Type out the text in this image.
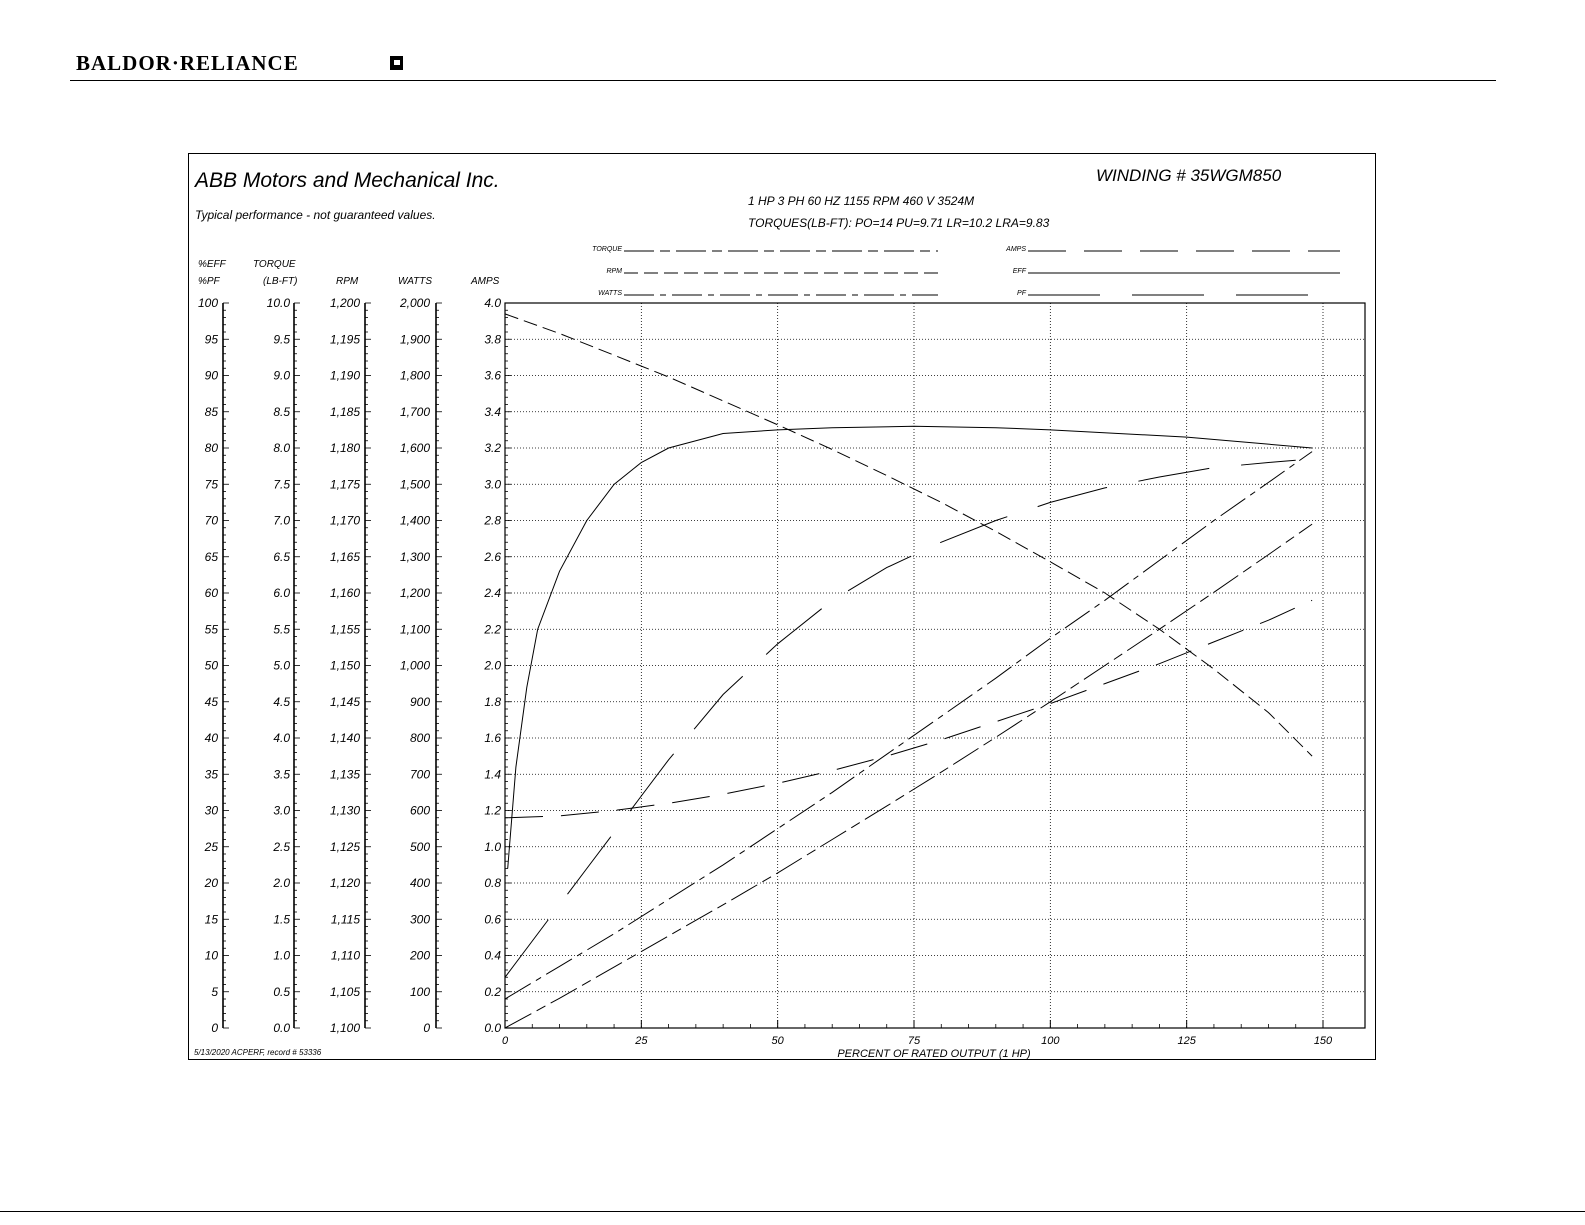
BALDOR·RELIANCE
ABB Motors and Mechanical Inc.
Typical performance - not guaranteed values.
WINDING # 35WGM850
1 HP 3 PH 60 HZ 1155 RPM 460 V 3524M
TORQUES(LB-FT): PO=14 PU=9.71 LR=10.2 LRA=9.83
5/13/2020 ACPERF, record # 53336	PERCENT OF RATED OUTPUT (1 HP)
TORQUE
RPM
WATTS
AMPS
EFF
PF
0	25	50	75	100	125	150
%EFF
%PF
0
5
10
15
20
25
30
35
40
45
50
55
60
65
70
75
80
85
90
95
100
TORQUE
(LB-FT)
0.0
0.5
1.0
1.5
2.0
2.5
3.0
3.5
4.0
4.5
5.0
5.5
6.0
6.5
7.0
7.5
8.0
8.5
9.0
9.5
10.0
RPM
1,100
1,105
1,110
1,115
1,120
1,125
1,130
1,135
1,140
1,145
1,150
1,155
1,160
1,165
1,170
1,175
1,180
1,185
1,190
1,195
1,200
WATTS
0
100
200
300
400
500
600
700
800
900
1,000
1,100
1,200
1,300
1,400
1,500
1,600
1,700
1,800
1,900
2,000
AMPS
0.0
0.2
0.4
0.6
0.8
1.0
1.2
1.4
1.6
1.8
2.0
2.2
2.4
2.6
2.8
3.0
3.2
3.4
3.6
3.8
4.0
